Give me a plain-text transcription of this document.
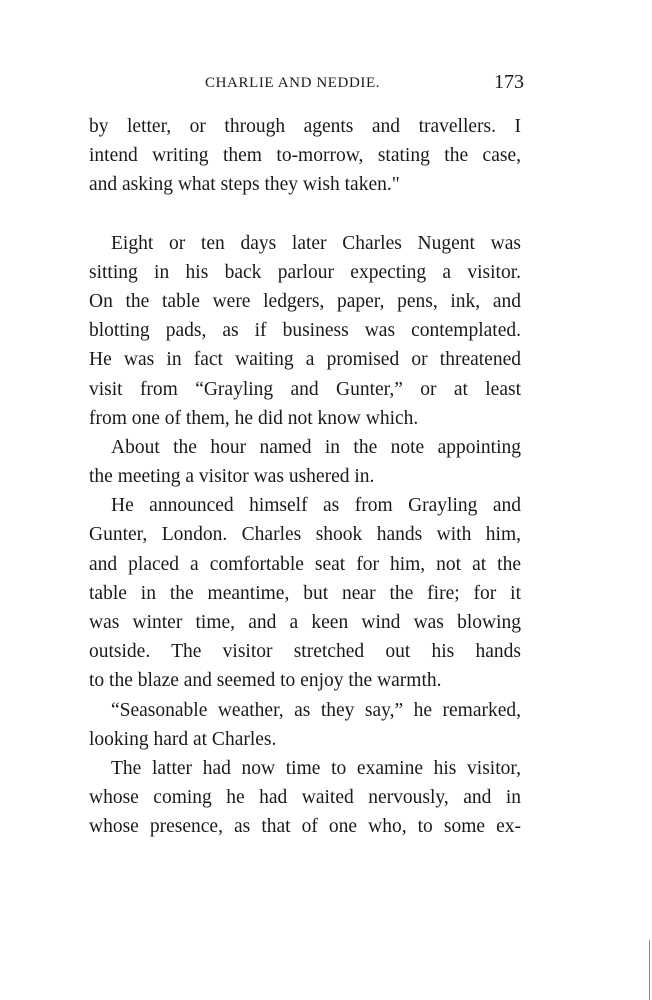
CHARLIE AND NEDDIE.	173
by letter, or through agents and travellers. I
intend writing them to-morrow, stating the case,
and asking what steps they wish taken."
Eight or ten days later Charles Nugent was
sitting in his back parlour expecting a visitor.
On the table were ledgers, paper, pens, ink, and
blotting pads, as if business was contemplated.
He was in fact waiting a promised or threatened
visit from “Grayling and Gunter,” or at least
from one of them, he did not know which.
About the hour named in the note appointing
the meeting a visitor was ushered in.
He announced himself as from Grayling and
Gunter, London. Charles shook hands with him,
and placed a comfortable seat for him, not at the
table in the meantime, but near the fire; for it
was winter time, and a keen wind was blowing
outside. The visitor stretched out his hands
to the blaze and seemed to enjoy the warmth.
“Seasonable weather, as they say,” he remarked,
looking hard at Charles.
The latter had now time to examine his visitor,
whose coming he had waited nervously, and in
whose presence, as that of one who, to some ex-
